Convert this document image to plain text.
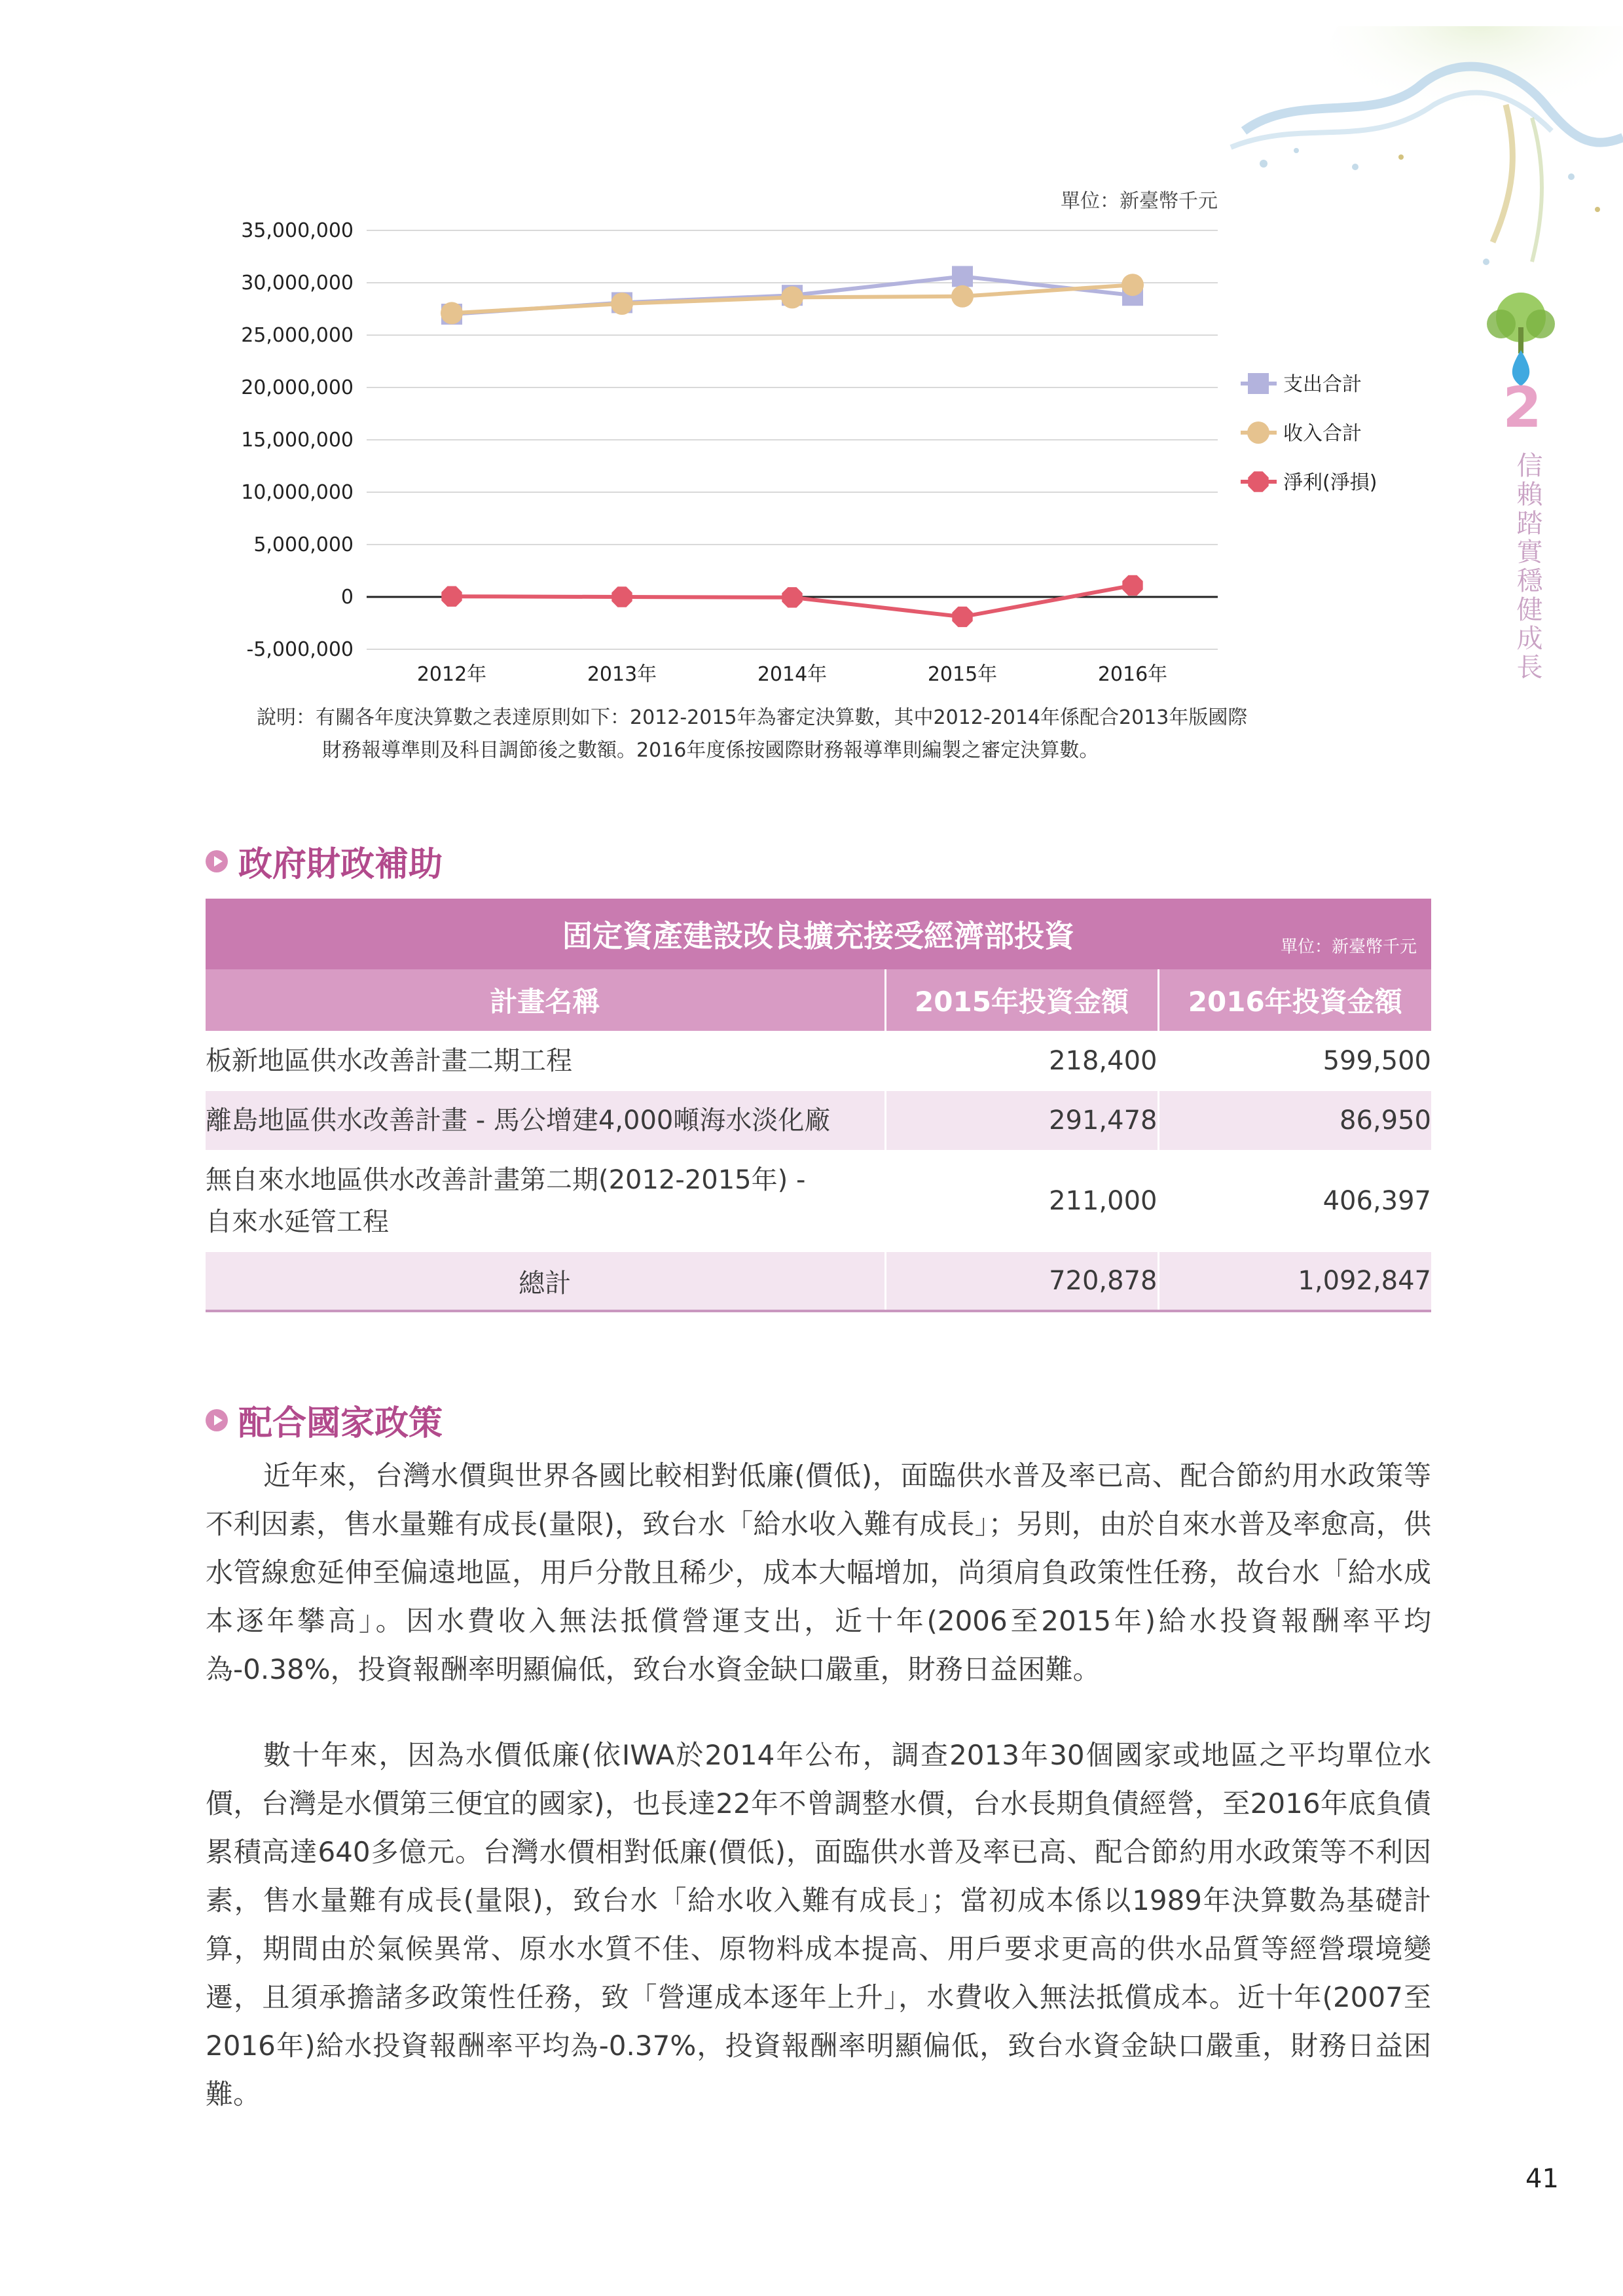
2
信賴踏實穩健成長
單位：新臺幣千元
35,000,000
30,000,000
25,000,000
20,000,000
15,000,000
10,000,000
5,000,000
0
-5,000,000
2012年	2013年	2014年	2015年	2016年
支出合計
收入合計
淨利(淨損)
說明：有關各年度決算數之表達原則如下：2012-2015年為審定決算數，其中2012-2014年係配合2013年版國際
財務報導準則及科目調節後之數額。2016年度係按國際財務報導準則編製之審定決算數。
政府財政補助
固定資產建設改良擴充接受經濟部投資 單位：新臺幣千元		

計畫名稱	2015年投資金額	2016年投資金額
板新地區供水改善計畫二期工程	218,400	599,500
離島地區供水改善計畫 - 馬公增建4,000噸海水淡化廠	291,478	86,950

無自來水地區供水改善計畫第二期(2012-2015年) -
自來水延管工程	211,000	406,397
總計	720,878	1,092,847
配合國家政策

近年來，台灣水價與世界各國比較相對低廉(價低)，面臨供水普及率已高、配合節約用水政策等不利因素，售水量難有成長(量限)，致台水「給水收入難有成長」；另則，由於自來水普及率愈高，供水管線愈延伸至偏遠地區，用戶分散且稀少，成本大幅增加，尚須肩負政策性任務，故台水「給水成本逐年攀高」。因水費收入無法抵償營運支出，近十年(2006至2015年)給水投資報酬率平均為-0.38%，投資報酬率明顯偏低，致台水資金缺口嚴重，財務日益困難。

數十年來，因為水價低廉(依IWA於2014年公布，調查2013年30個國家或地區之平均單位水價，台灣是水價第三便宜的國家)，也長達22年不曾調整水價，台水長期負債經營，至2016年底負債累積高達640多億元。台灣水價相對低廉(價低)，面臨供水普及率已高、配合節約用水政策等不利因素，售水量難有成長(量限)，致台水「給水收入難有成長」；當初成本係以1989年決算數為基礎計算，期間由於氣候異常、原水水質不佳、原物料成本提高、用戶要求更高的供水品質等經營環境變遷，且須承擔諸多政策性任務，致「營運成本逐年上升」，水費收入無法抵償成本。近十年(2007至2016年)給水投資報酬率平均為-0.37%，投資報酬率明顯偏低，致台水資金缺口嚴重，財務日益困難。

41
